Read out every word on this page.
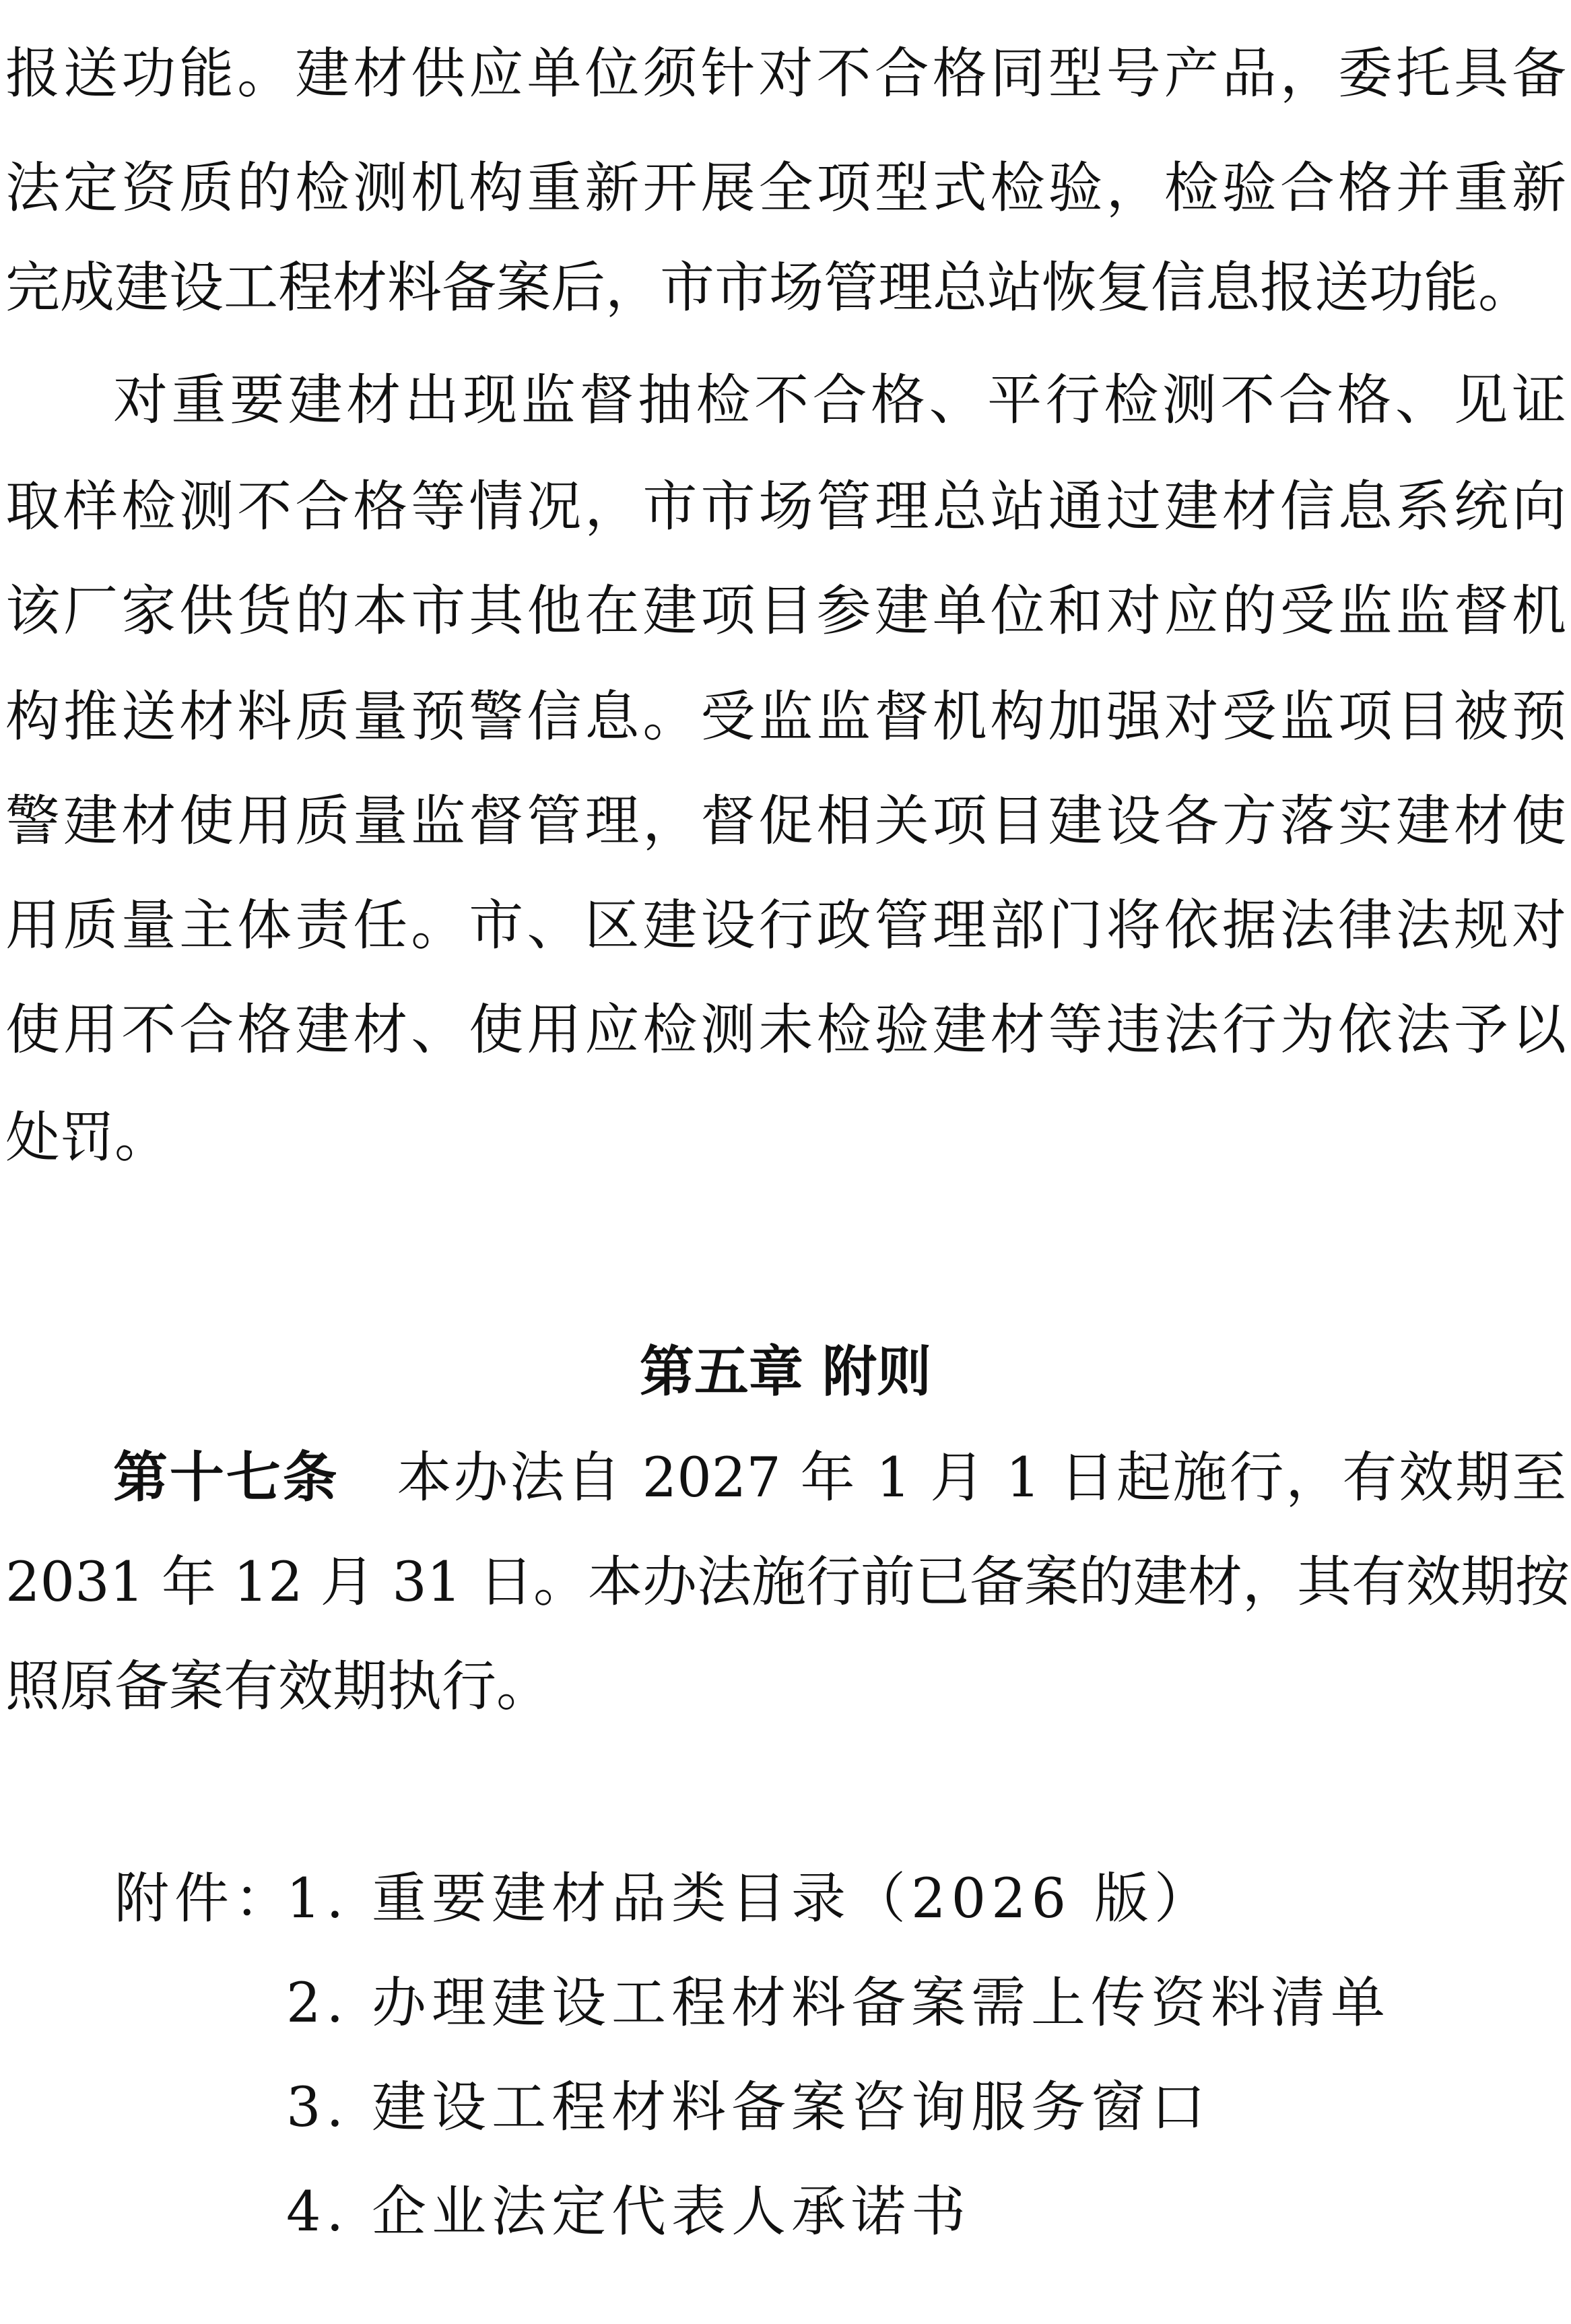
报送功能。建材供应单位须针对不合格同型号产品，委托具备
法定资质的检测机构重新开展全项型式检验，检验合格并重新
完成建设工程材料备案后，市市场管理总站恢复信息报送功能。
对重要建材出现监督抽检不合格、平行检测不合格、见证
取样检测不合格等情况，市市场管理总站通过建材信息系统向
该厂家供货的本市其他在建项目参建单位和对应的受监监督机
构推送材料质量预警信息。受监监督机构加强对受监项目被预
警建材使用质量监督管理，督促相关项目建设各方落实建材使
用质量主体责任。市、区建设行政管理部门将依据法律法规对
使用不合格建材、使用应检测未检验建材等违法行为依法予以
处罚。
第五章 附则
第十七条 本办法自 2027 年 1 月 1 日起施行，有效期至
2031 年 12 月 31 日。本办法施行前已备案的建材，其有效期按
照原备案有效期执行。
附件：
1. 重要建材品类目录（2026 版）
2. 办理建设工程材料备案需上传资料清单
3. 建设工程材料备案咨询服务窗口
4. 企业法定代表人承诺书
